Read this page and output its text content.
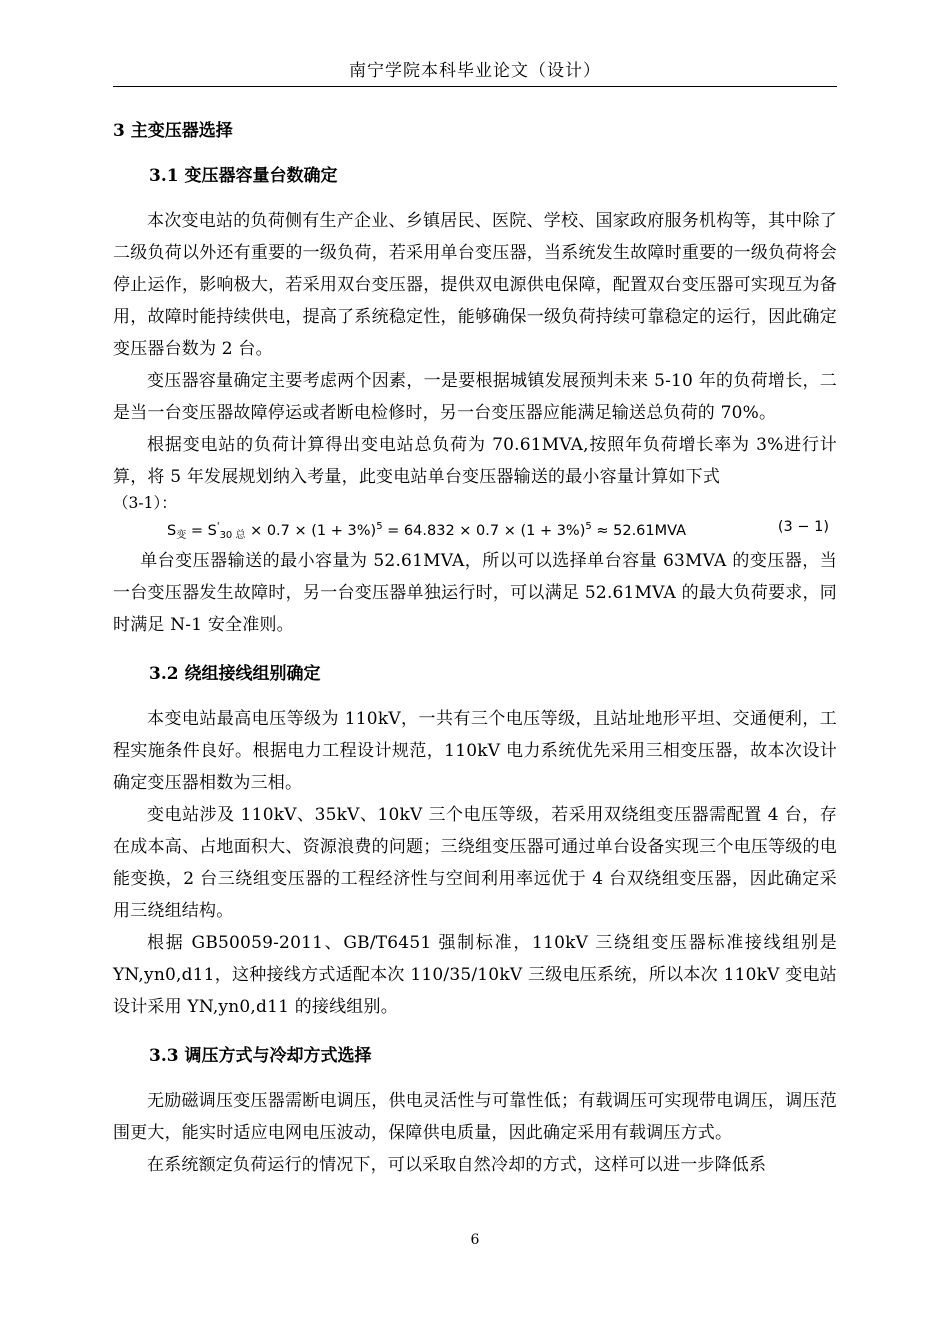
南宁学院本科毕业论文（设计）
3 主变压器选择
3.1 变压器容量台数确定

本次变电站的负荷侧有生产企业、乡镇居民、医院、学校、国家政府服务机构等，其中除了二级负荷以外还有重要的一级负荷，若采用单台变压器，当系统发生故障时重要的一级负荷将会停止运作，影响极大，若采用双台变压器，提供双电源供电保障，配置双台变压器可实现互为备用，故障时能持续供电，提高了系统稳定性，能够确保一级负荷持续可靠稳定的运行，因此确定变压器台数为 2 台。

变压器容量确定主要考虑两个因素，一是要根据城镇发展预判未来 5-10 年的负荷增长，二是当一台变压器故障停运或者断电检修时，另一台变压器应能满足输送总负荷的 70%。

根据变电站的负荷计算得出变电站总负荷为 70.61MVA,按照年负荷增长率为 3%进行计算，将 5 年发展规划纳入考量，此变电站单台变压器输送的最小容量计算如下式

（3-1）：

$S_变 = S'_{30 总} \times 0.7 \times (1 + 3\%)^5 = 64.832 \times 0.7 \times (1 + 3\%)^5 \approx 52.61MVA$	(3 − 1)

单台变压器输送的最小容量为 52.61MVA，所以可以选择单台容量 63MVA 的变压器，当一台变压器发生故障时，另一台变压器单独运行时，可以满足 52.61MVA 的最大负荷要求，同时满足 N-1 安全准则。

3.2 绕组接线组别确定

本变电站最高电压等级为 110kV，一共有三个电压等级，且站址地形平坦、交通便利，工程实施条件良好。根据电力工程设计规范，110kV 电力系统优先采用三相变压器，故本次设计确定变压器相数为三相。

变电站涉及 110kV、35kV、10kV 三个电压等级，若采用双绕组变压器需配置 4 台，存在成本高、占地面积大、资源浪费的问题；三绕组变压器可通过单台设备实现三个电压等级的电能变换，2 台三绕组变压器的工程经济性与空间利用率远优于 4 台双绕组变压器，因此确定采用三绕组结构。

根据 GB50059-2011、GB/T6451 强制标准，110kV 三绕组变压器标准接线组别是 YN,yn0,d11，这种接线方式适配本次 110/35/10kV 三级电压系统，所以本次 110kV 变电站设计采用 YN,yn0,d11 的接线组别。

3.3 调压方式与冷却方式选择

无励磁调压变压器需断电调压，供电灵活性与可靠性低；有载调压可实现带电调压，调压范围更大，能实时适应电网电压波动，保障供电质量，因此确定采用有载调压方式。

在系统额定负荷运行的情况下，可以采取自然冷却的方式，这样可以进一步降低系

6
